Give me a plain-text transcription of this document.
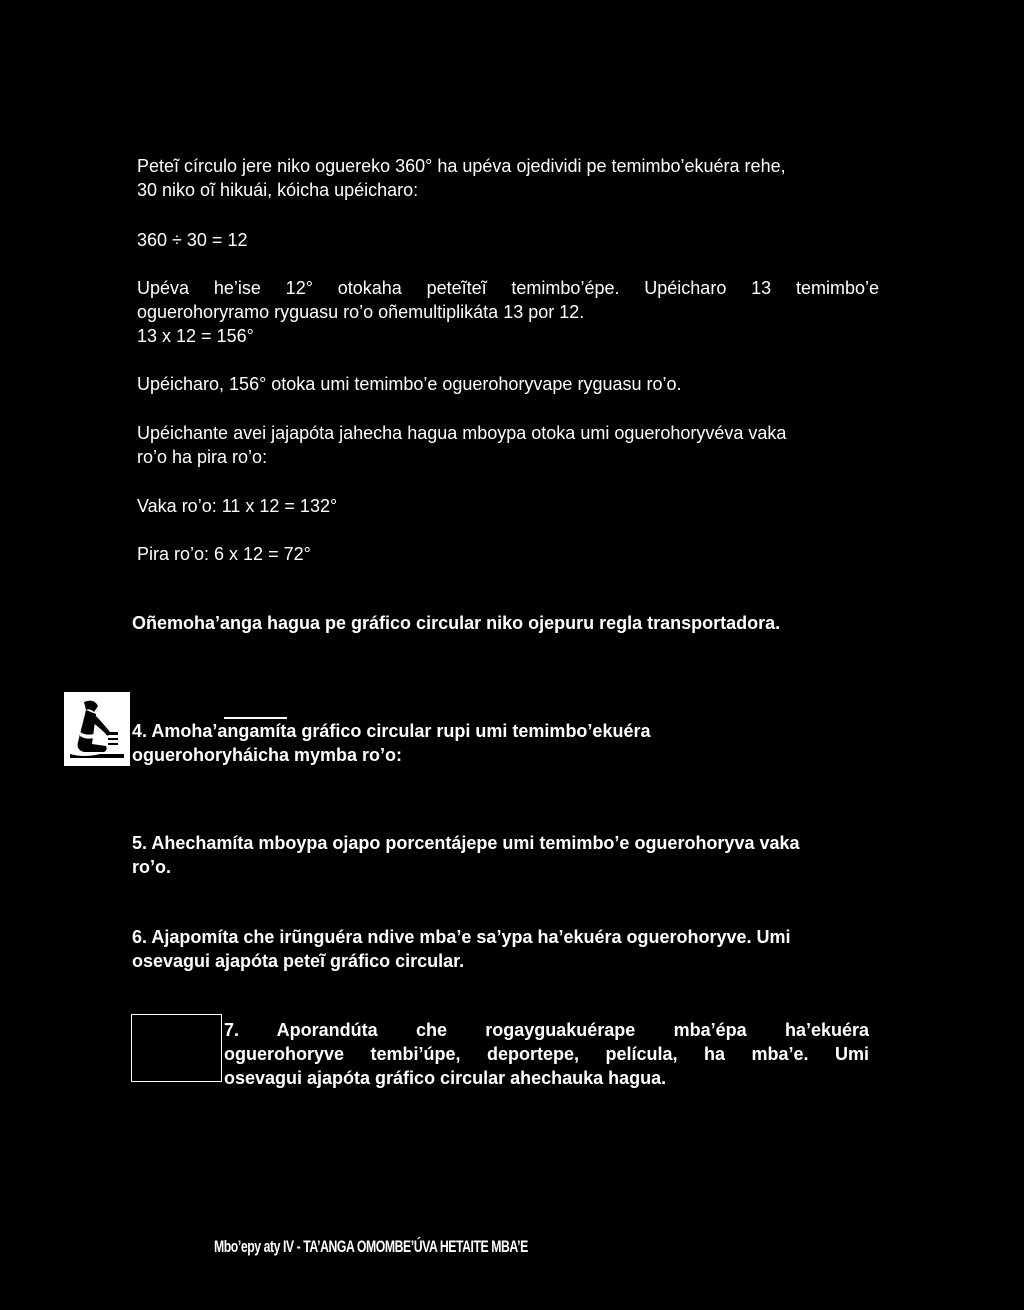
Peteĩ círculo jere niko oguereko 360° ha upéva ojedividi pe temimbo’ekuéra rehe,
30 niko oĩ hikuái, kóicha upéicharo:
360 ÷ 30 = 12
Upéva he’ise 12° otokaha peteĩteĩ temimbo’épe. Upéicharo 13 temimbo’e
oguerohoryramo ryguasu ro’o oñemultiplikáta 13 por 12.
13 x 12 = 156°
Upéicharo, 156° otoka umi temimbo’e oguerohoryvape ryguasu ro’o.
Upéichante avei jajapóta jahecha hagua mboypa otoka umi oguerohoryvéva vaka
ro’o ha pira ro’o:
Vaka ro’o: 11 x 12 = 132°
Pira ro’o: 6 x 12 = 72°
Oñemoha’anga hagua pe gráfico circular niko ojepuru regla transportadora.
4. Amoha’angamíta gráfico circular rupi umi temimbo’ekuéra
oguerohoryháicha mymba ro’o:
5. Ahechamíta mboypa ojapo porcentájepe umi temimbo’e oguerohoryva vaka
ro’o.
6. Ajapomíta che irũnguéra ndive mba’e sa’ypa ha’ekuéra oguerohoryve. Umi
osevagui ajapóta peteĩ gráfico circular.
7. Aporandúta che rogayguakuérape mba’épa ha’ekuéra
oguerohoryve tembi’úpe, deportepe, película, ha mba’e. Umi
osevagui ajapóta gráfico circular ahechauka hagua.
Mbo’epy aty IV - TA’ANGA OMOMBE’ÚVA HETAITE MBA’E
